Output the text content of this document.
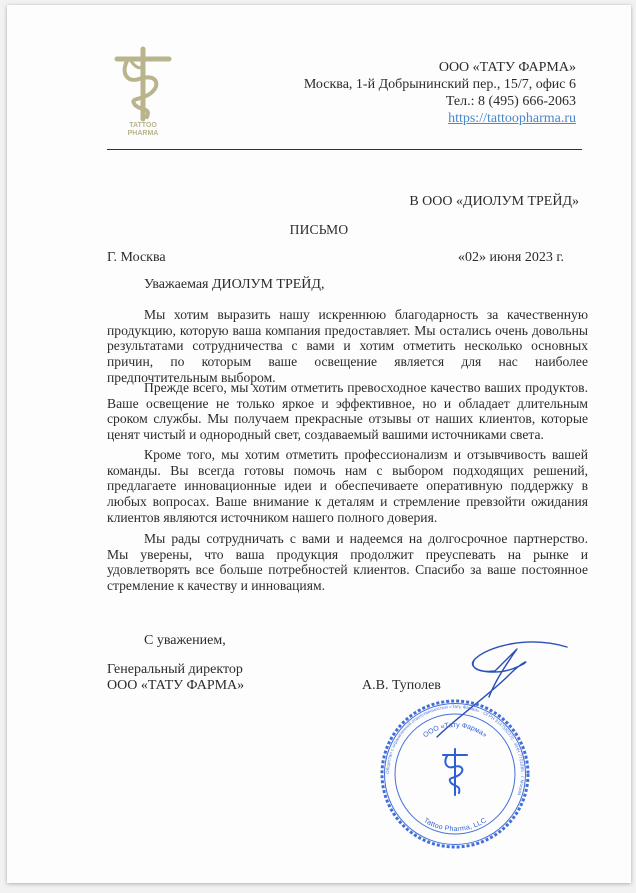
TATTOO
PHARMA
ООО «ТАТУ ФАРМА»
Москва, 1-й Добрынинский пер., 15/7, офис 6
Тел.: 8 (495) 666-2063
https://tattoopharma.ru
В ООО «ДИОЛУМ ТРЕЙД»
ПИСЬМО
Г. Москва	«02» июня 2023 г.
Уважаемая ДИОЛУМ ТРЕЙД,

Мы хотим выразить нашу искреннюю благодарность за качественную продукцию, которую ваша компания предоставляет. Мы остались очень довольны результатами сотрудничества с вами и хотим отметить несколько основных причин, по которым ваше освещение является для нас наиболее предпочтительным выбором.

Прежде всего, мы хотим отметить превосходное качество ваших продуктов. Ваше освещение не только яркое и эффективное, но и обладает длительным сроком службы. Мы получаем прекрасные отзывы от наших клиентов, которые ценят чистый и однородный свет, создаваемый вашими источниками света.

Кроме того, мы хотим отметить профессионализм и отзывчивость вашей команды. Вы всегда готовы помочь нам с выбором подходящих решений, предлагаете инновационные идеи и обеспечиваете оперативную поддержку в любых вопросах. Ваше внимание к деталям и стремление превзойти ожидания клиентов являются источником нашего полного доверия.

Мы рады сотрудничать с вами и надеемся на долгосрочное партнерство. Мы уверены, что ваша продукция продолжит преуспевать на рынке и удовлетворять все больше потребностей клиентов. Спасибо за ваше постоянное стремление к качеству и инновациям.

С уважением,
Генеральный директор
ООО «ТАТУ ФАРМА»	А.В. Туполев
Общество с ограниченной ответственностью «Тату Фарма» · ОГРН 3147582370 · ИНН 7701885 · г. Москва
ООО «Тату Фарма»
Tattoo Pharma, LLC
